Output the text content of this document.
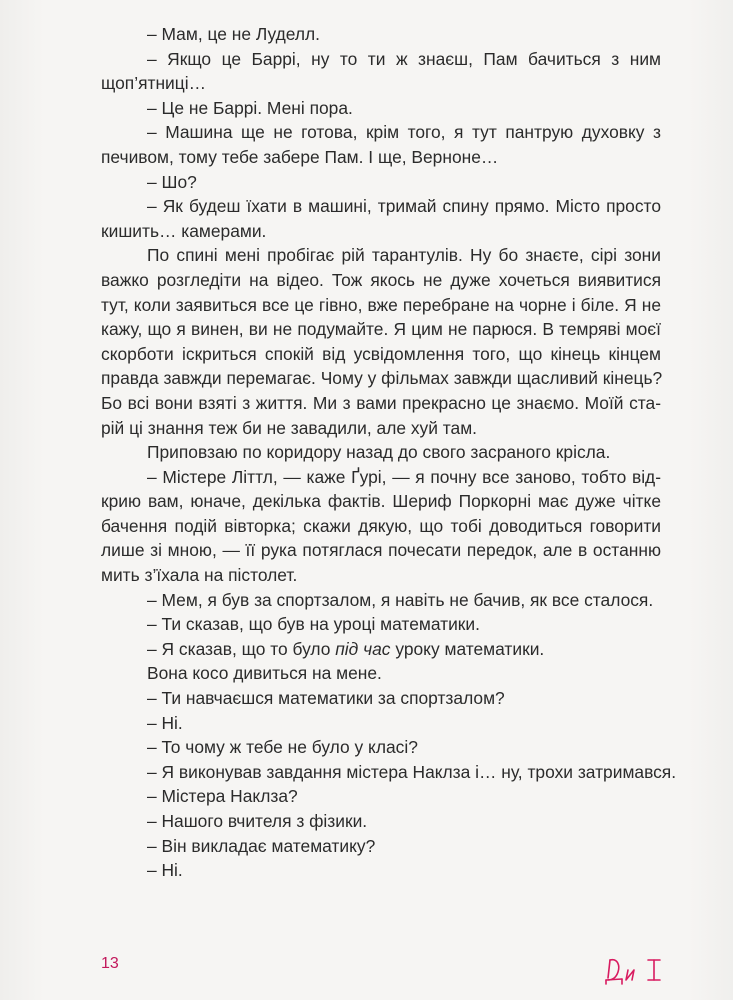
– Мам, це не Луделл.

– Якщо це Баррі, ну то ти ж знаєш, Пам бачиться з ним

щоп’ятниці…

– Це не Баррі. Мені пора.

– Машина ще не готова, крім того, я тут пантрую духовку з

печивом, тому тебе забере Пам. І ще, Верноне…

– Шо?

– Як будеш їхати в машині, тримай спину прямо. Місто просто

кишить… камерами.

По спині мені пробігає рій тарантулів. Ну бо знаєте, сірі зони

важко розгледіти на відео. Тож якось не дуже хочеться виявитися

тут, коли заявиться все це гівно, вже перебране на чорне і біле. Я не

кажу, що я винен, ви не подумайте. Я цим не парюся. В темряві моєї

скорботи іскриться спокій від усвідомлення того, що кінець кінцем

правда завжди перемагає. Чому у фільмах завжди щасливий кінець?

Бо всі вони взяті з життя. Ми з вами прекрасно це знаємо. Моїй ста-

рій ці знання теж би не завадили, але хуй там.

Приповзаю по коридору назад до свого засраного крісла.

– Містере Літтл, — каже Ґурі, — я почну все заново, тобто від-

крию вам, юначе, декілька фактів. Шериф Поркорні має дуже чітке

бачення подій вівторка; скажи дякую, що тобі доводиться говорити

лише зі мною, — її рука потяглася почесати передок, але в останню

мить з’їхала на пістолет.

– Мем, я був за спортзалом, я навіть не бачив, як все сталося.

– Ти сказав, що був на уроці математики.

– Я сказав, що то було під час уроку математики.

Вона косо дивиться на мене.

– Ти навчаєшся математики за спортзалом?

– Ні.

– То чому ж тебе не було у класі?

– Я виконував завдання містера Наклза і… ну, трохи затримався.

– Містера Наклза?

– Нашого вчителя з фізики.

– Він викладає математику?

– Ні.

13
